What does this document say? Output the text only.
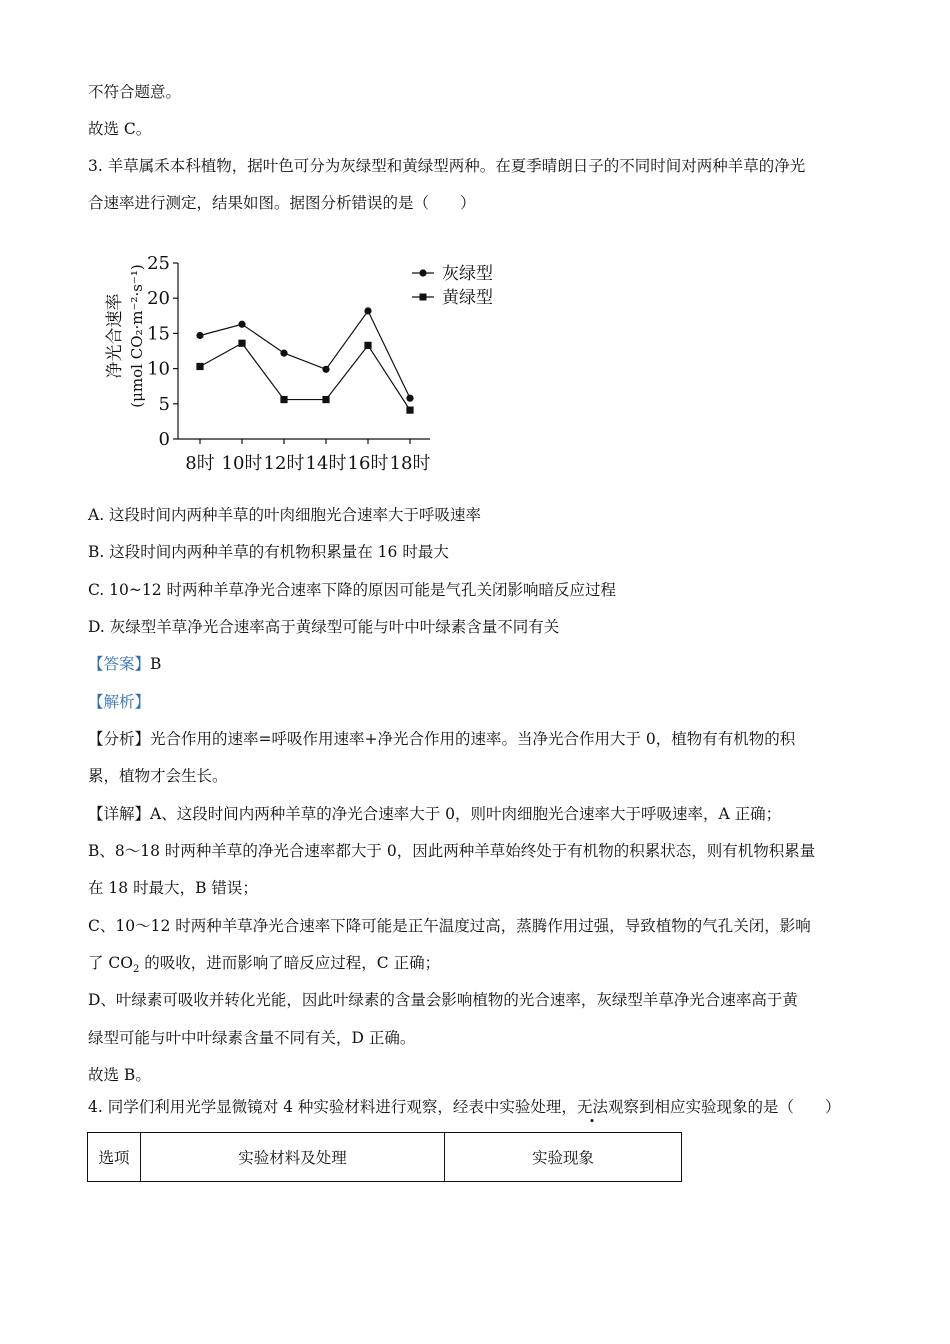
不符合题意。
故选 C。
3. 羊草属禾本科植物，据叶色可分为灰绿型和黄绿型两种。在夏季晴朗日子的不同时间对两种羊草的净光
合速率进行测定，结果如图。据图分析错误的是（　　）
净光合速率 (μmol CO₂·m⁻²·s⁻¹)
0
5
10
15
20
25
8时 10时 12时 14时 16时 18时
灰绿型
黄绿型
A. 这段时间内两种羊草的叶肉细胞光合速率大于呼吸速率
B. 这段时间内两种羊草的有机物积累量在 16 时最大
C. 10~12 时两种羊草净光合速率下降的原因可能是气孔关闭影响暗反应过程
D. 灰绿型羊草净光合速率高于黄绿型可能与叶中叶绿素含量不同有关
【答案】B
【解析】
【分析】光合作用的速率=呼吸作用速率+净光合作用的速率。当净光合作用大于 0，植物有有机物的积
累，植物才会生长。
【详解】A、这段时间内两种羊草的净光合速率大于 0，则叶肉细胞光合速率大于呼吸速率，A 正确；
B、8～18 时两种羊草的净光合速率都大于 0，因此两种羊草始终处于有机物的积累状态，则有机物积累量
在 18 时最大，B 错误；
C、10～12 时两种羊草净光合速率下降可能是正午温度过高，蒸腾作用过强，导致植物的气孔关闭，影响
了 $CO_2$ 的吸收，进而影响了暗反应过程，C 正确；
D、叶绿素可吸收并转化光能，因此叶绿素的含量会影响植物的光合速率，灰绿型羊草净光合速率高于黄
绿型可能与叶中叶绿素含量不同有关，D 正确。
故选 B。
4. 同学们利用光学显微镜对 4 种实验材料进行观察，经表中实验处理，无法观察到相应实验现象的是（　　）
选项	实验材料及处理	实验现象
